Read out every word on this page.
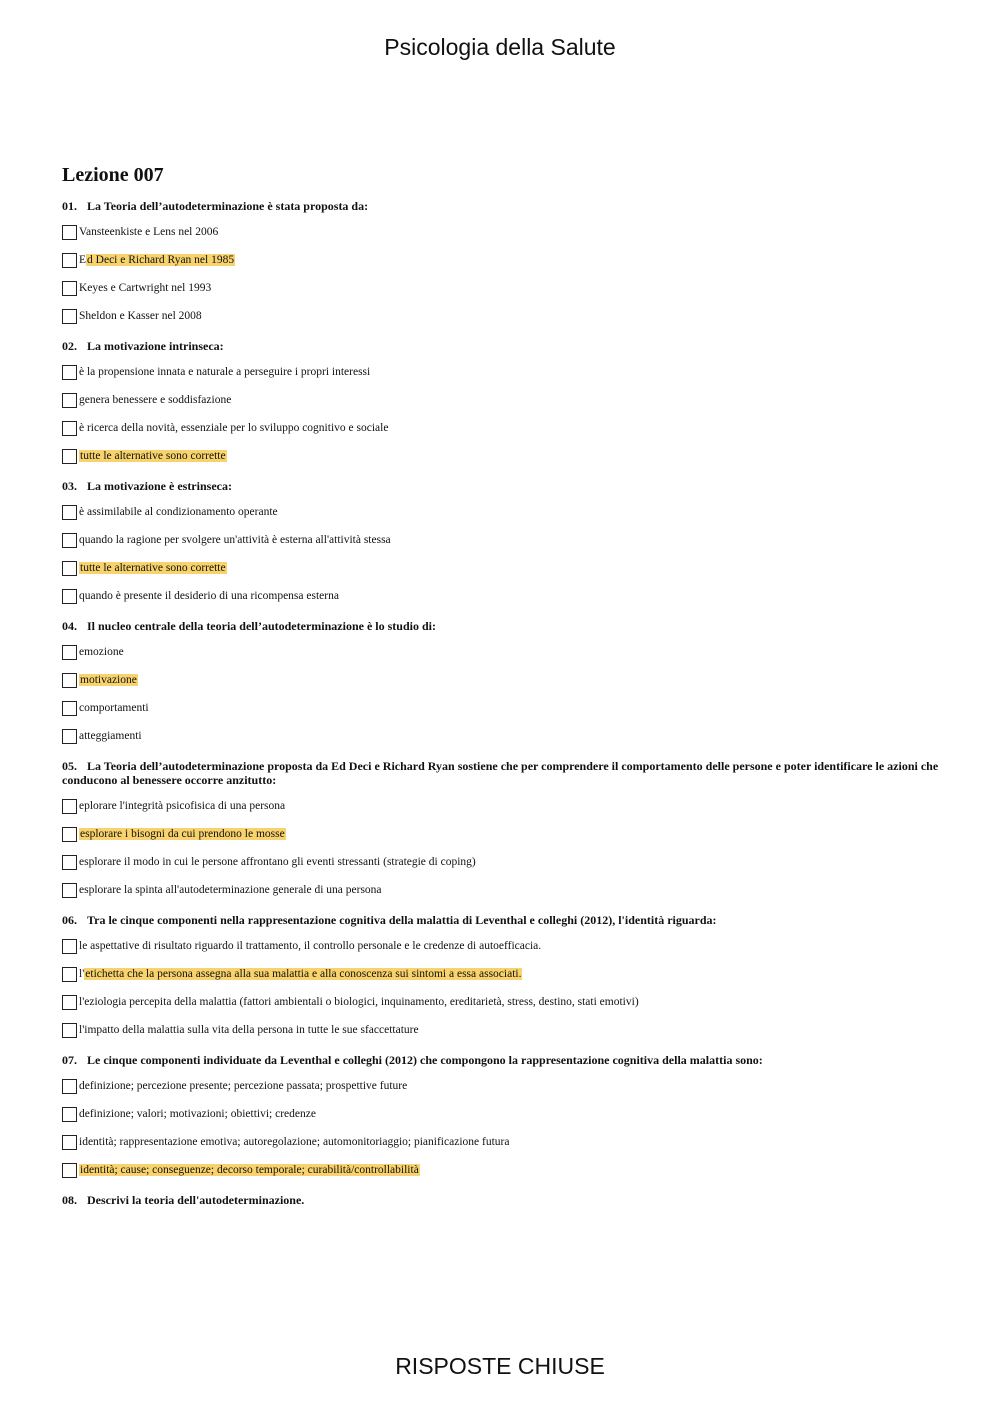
Psicologia della Salute
Lezione 007
01. La Teoria dell’autodeterminazione è stata proposta da:
Vansteenkiste e Lens nel 2006
Ed Deci e Richard Ryan nel 1985
Keyes e Cartwright nel 1993
Sheldon e Kasser nel 2008
02. La motivazione intrinseca:
è la propensione innata e naturale a perseguire i propri interessi
genera benessere e soddisfazione
è ricerca della novità, essenziale per lo sviluppo cognitivo e sociale
tutte le alternative sono corrette
03. La motivazione è estrinseca:
è assimilabile al condizionamento operante
quando la ragione per svolgere un'attività è esterna all'attività stessa
tutte le alternative sono corrette
quando è presente il desiderio di una ricompensa esterna
04. Il nucleo centrale della teoria dell’autodeterminazione è lo studio di:
emozione
motivazione
comportamenti
atteggiamenti
05. La Teoria dell’autodeterminazione proposta da Ed Deci e Richard Ryan sostiene che per comprendere il comportamento delle persone e poter identificare le azioni che conducono al benessere occorre anzitutto:
eplorare l'integrità psicofisica di una persona
esplorare i bisogni da cui prendono le mosse
esplorare il modo in cui le persone affrontano gli eventi stressanti (strategie di coping)
esplorare la spinta all'autodeterminazione generale di una persona
06. Tra le cinque componenti nella rappresentazione cognitiva della malattia di Leventhal e colleghi (2012), l'identità riguarda:
le aspettative di risultato riguardo il trattamento, il controllo personale e le credenze di autoefficacia.
l'etichetta che la persona assegna alla sua malattia e alla conoscenza sui sintomi a essa associati.
l'eziologia percepita della malattia (fattori ambientali o biologici, inquinamento, ereditarietà, stress, destino, stati emotivi)
l'impatto della malattia sulla vita della persona in tutte le sue sfaccettature
07. Le cinque componenti individuate da Leventhal e colleghi (2012) che compongono la rappresentazione cognitiva della malattia sono:
definizione; percezione presente; percezione passata; prospettive future
definizione; valori; motivazioni; obiettivi; credenze
identità; rappresentazione emotiva; autoregolazione; automonitoriaggio; pianificazione futura
identità; cause; conseguenze; decorso temporale; curabilità/controllabilità
08. Descrivi la teoria dell'autodeterminazione.
RISPOSTE CHIUSE
